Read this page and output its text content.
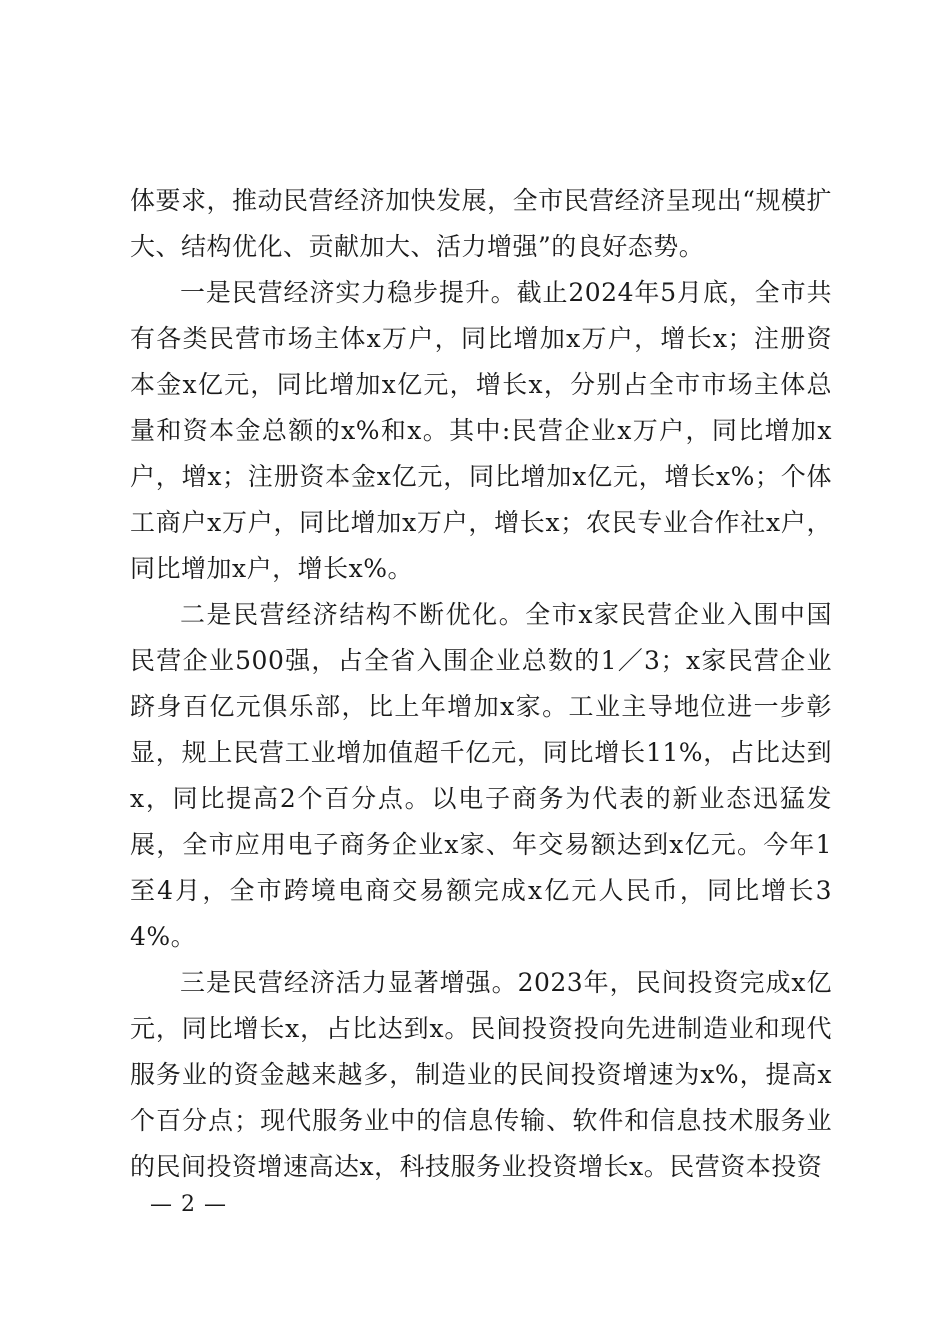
体要求，推动民营经济加快发展，全市民营经济呈现出“规模扩大、结构优化、贡献加大、活力增强”的良好态势。

一是民营经济实力稳步提升。截止2024年5月底，全市共有各类民营市场主体x万户，同比增加x万户，增长x；注册资本金x亿元，同比增加x亿元，增长x，分别占全市市场主体总量和资本金总额的x%和x。其中:民营企业x万户，同比增加x户，增x；注册资本金x亿元，同比增加x亿元，增长x%；个体工商户x万户，同比增加x万户，增长x；农民专业合作社x户，同比增加x户，增长x%。

二是民营经济结构不断优化。全市x家民营企业入围中国民营企业500强，占全省入围企业总数的1／3；x家民营企业跻身百亿元俱乐部，比上年增加x家。工业主导地位进一步彰显，规上民营工业增加值超千亿元，同比增长11%，占比达到x，同比提高2个百分点。以电子商务为代表的新业态迅猛发展，全市应用电子商务企业x家、年交易额达到x亿元。今年1至4月，全市跨境电商交易额完成x亿元人民币，同比增长34%。

三是民营经济活力显著增强。2023年，民间投资完成x亿元，同比增长x，占比达到x。民间投资投向先进制造业和现代服务业的资金越来越多，制造业的民间投资增速为x%，提高x个百分点；现代服务业中的信息传输、软件和信息技术服务业的民间投资增速高达x，科技服务业投资增长x。民营资本投资

— 2 —
